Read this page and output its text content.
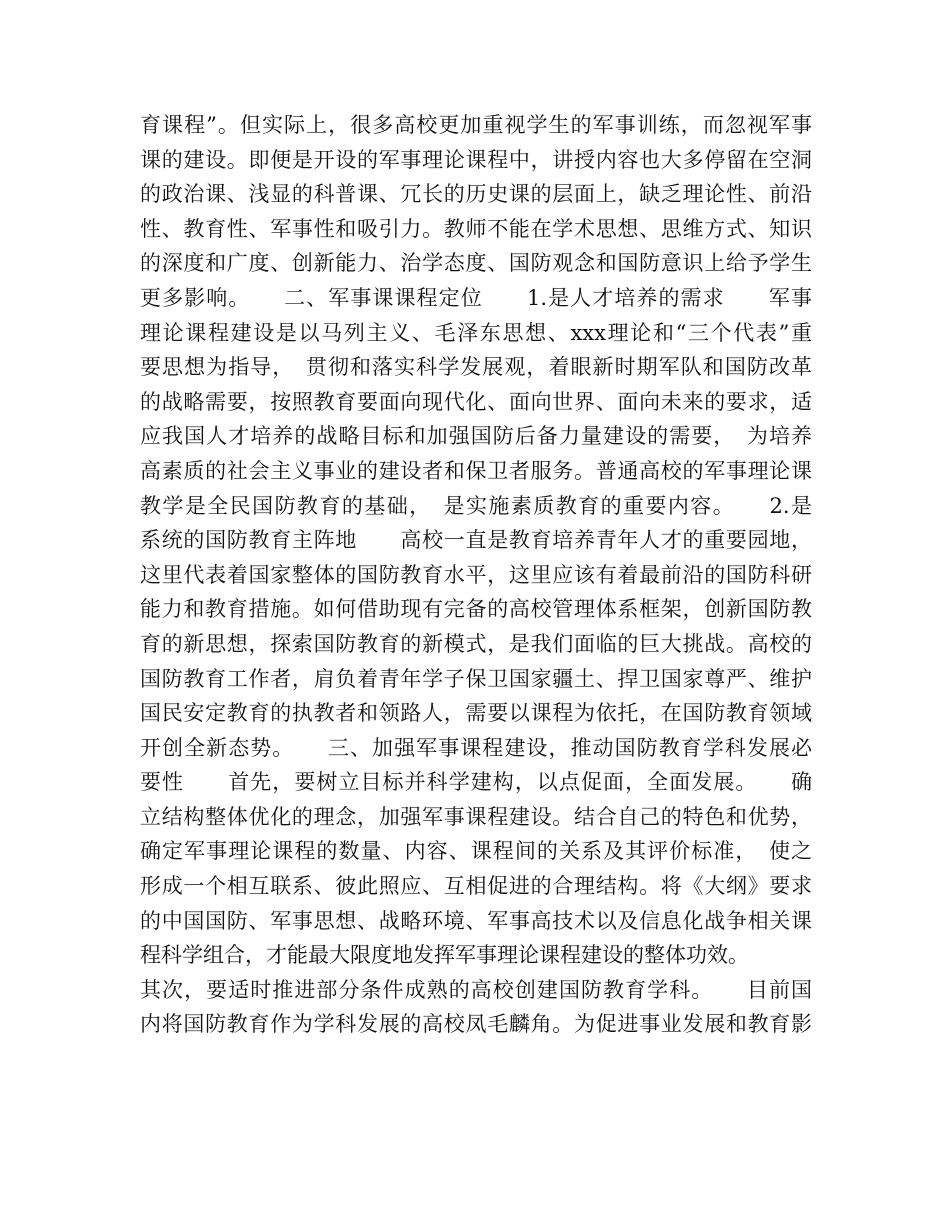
育课程”。但实际上，很多高校更加重视学生的军事训练，而忽视军事
课的建设。即便是开设的军事理论课程中，讲授内容也大多停留在空洞
的政治课、浅显的科普课、冗长的历史课的层面上，缺乏理论性、前沿
性、教育性、军事性和吸引力。教师不能在学术思想、思维方式、知识
的深度和广度、创新能力、治学态度、国防观念和国防意识上给予学生
更多影响。　　二、军事课课程定位　　1.是人才培养的需求　　军事
理论课程建设是以马列主义、毛泽东思想、xxx理论和“三个代表”重
要思想为指导，　贯彻和落实科学发展观，着眼新时期军队和国防改革
的战略需要，按照教育要面向现代化、面向世界、面向未来的要求，适
应我国人才培养的战略目标和加强国防后备力量建设的需要，　为培养
高素质的社会主义事业的建设者和保卫者服务。普通高校的军事理论课
教学是全民国防教育的基础，　是实施素质教育的重要内容。　　2.是
系统的国防教育主阵地　　高校一直是教育培养青年人才的重要园地，
这里代表着国家整体的国防教育水平，这里应该有着最前沿的国防科研
能力和教育措施。如何借助现有完备的高校管理体系框架，创新国防教
育的新思想，探索国防教育的新模式，是我们面临的巨大挑战。高校的
国防教育工作者，肩负着青年学子保卫国家疆土、捍卫国家尊严、维护
国民安定教育的执教者和领路人，需要以课程为依托，在国防教育领域
开创全新态势。　　三、加强军事课程建设，推动国防教育学科发展必
要性　　首先，要树立目标并科学建构，以点促面，全面发展。　　确
立结构整体优化的理念，加强军事课程建设。结合自己的特色和优势，
确定军事理论课程的数量、内容、课程间的关系及其评价标准，　使之
形成一个相互联系、彼此照应、互相促进的合理结构。将《大纲》要求
的中国国防、军事思想、战略环境、军事高技术以及信息化战争相关课
程科学组合，才能最大限度地发挥军事理论课程建设的整体功效。
其次，要适时推进部分条件成熟的高校创建国防教育学科。　　目前国
内将国防教育作为学科发展的高校凤毛麟角。为促进事业发展和教育影
